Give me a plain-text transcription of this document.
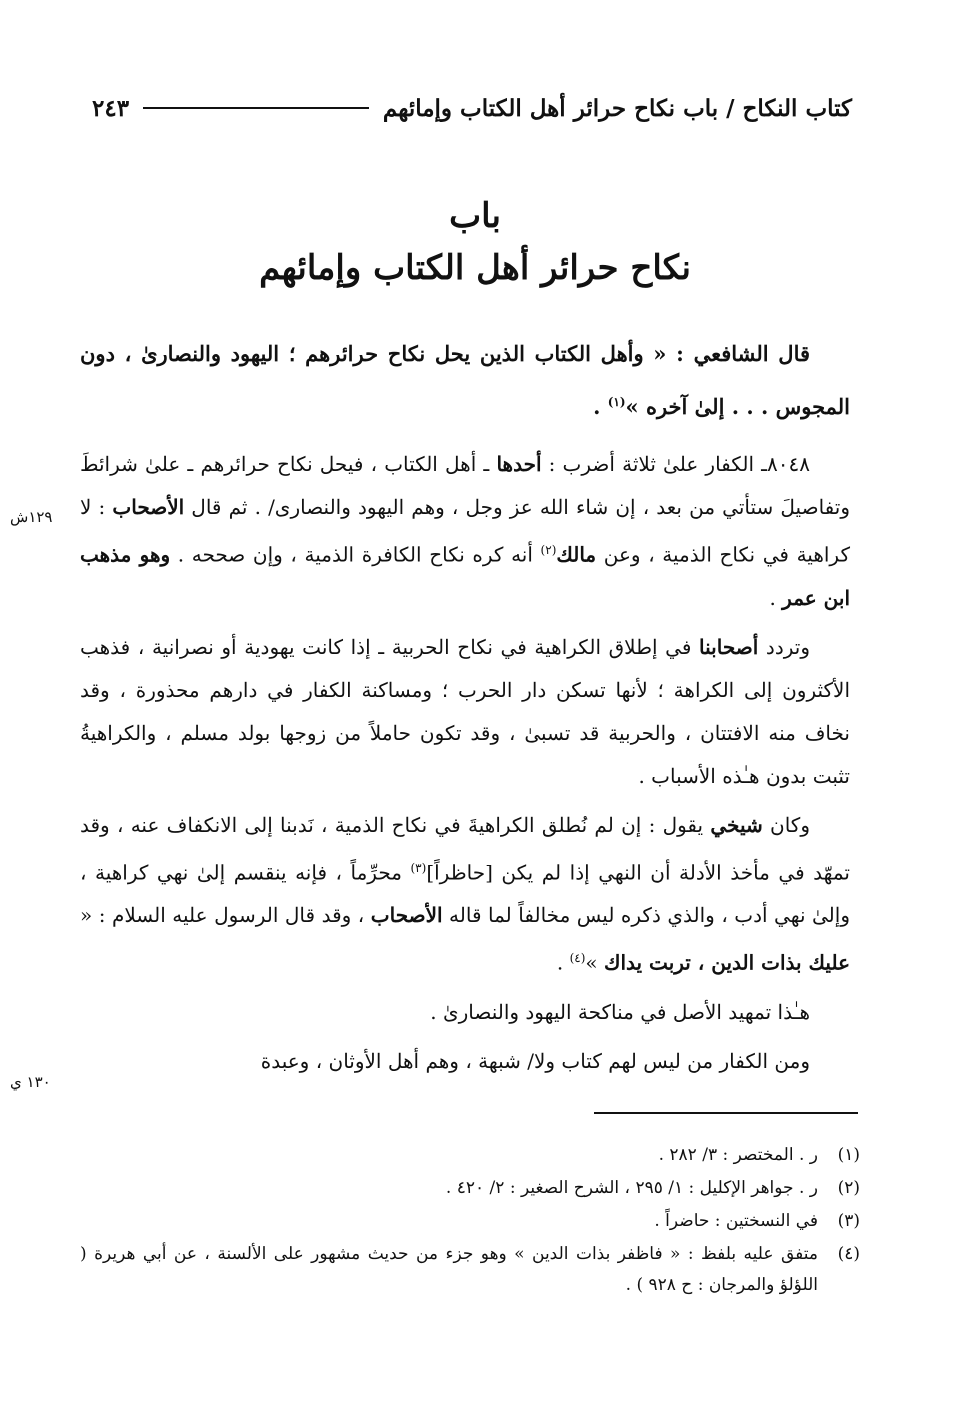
كتاب النكاح / باب نكاح حرائر أهل الكتاب وإمائهم
٢٤٣
باب
نكاح حرائر أهل الكتاب وإمائهم
١٢٩ش
١٣٠ ي

قال الشافعي : « وأهل الكتاب الذين يحل نكاح حرائرهم ؛ اليهود والنصارىٰ ، دون المجوس . . . إلىٰ آخره »$^{(١)}$ .

٨٠٤٨ـ الكفار علىٰ ثلاثة أضرب : أحدها ـ أهل الكتاب ، فيحل نكاح حرائرهم ـ علىٰ شرائطَ وتفاصيلَ ستأتي من بعد ، إن شاء الله عز وجل ، وهم اليهود والنصارى/ . ثم قال الأصحاب : لا كراهية في نكاح الذمية ، وعن مالك$^{(٢)}$ أنه كره نكاح الكافرة الذمية ، وإن صححه . وهو مذهب ابن عمر .

وتردد أصحابنا في إطلاق الكراهية في نكاح الحربية ـ إذا كانت يهودية أو نصرانية ، فذهب الأكثرون إلى الكراهة ؛ لأنها تسكن دار الحرب ؛ ومساكنة الكفار في دارهم محذورة ، وقد نخاف منه الافتتان ، والحربية قد تسبىٰ ، وقد تكون حاملاً من زوجها بولد مسلم ، والكراهيةُ تثبت بدون هـٰذه الأسباب .

وكان شيخي يقول : إن لم نُطلق الكراهيةَ في نكاح الذمية ، نَدبنا إلى الانكفاف عنه ، وقد تمهّد في مأخذ الأدلة أن النهي إذا لم يكن [حاظراً]$^{(٣)}$ محرِّماً ، فإنه ينقسم إلىٰ نهي كراهية ، وإلىٰ نهي أدب ، والذي ذكره ليس مخالفاً لما قاله الأصحاب ، وقد قال الرسول عليه السلام : « عليك بذات الدين ، تربت يداك »$^{(٤)}$ .

هـٰذا تمهيد الأصل في مناكحة اليهود والنصارىٰ .

ومن الكفار من ليس لهم كتاب ولا/ شبهة ، وهم أهل الأوثان ، وعبدة

(١)
ر . المختصر : ٣/ ٢٨٢ .
(٢)
ر . جواهر الإكليل : ١/ ٢٩٥ ، الشرح الصغير : ٢/ ٤٢٠ .
(٣)
في النسختين : حاضراً .
(٤)
متفق عليه بلفظ : « فاظفر بذات الدين » وهو جزء من حديث مشهور على الألسنة ، عن أبي هريرة ( اللؤلؤ والمرجان : ح ٩٢٨ ) .
